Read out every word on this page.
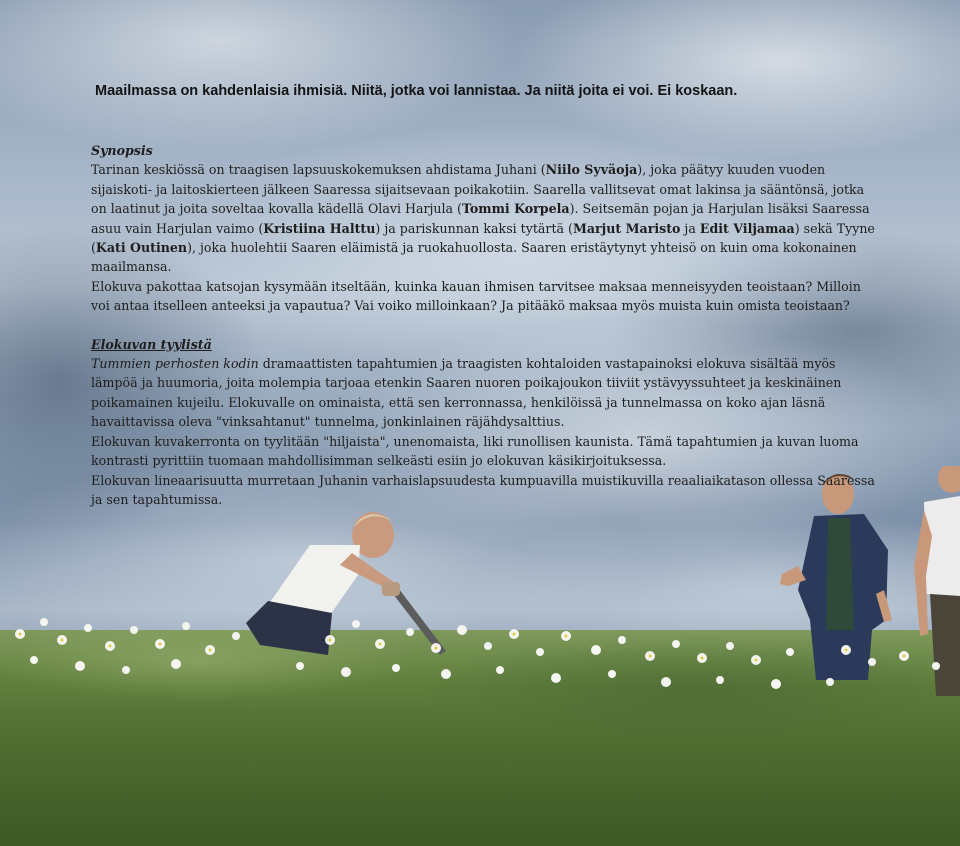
Maailmassa on kahdenlaisia ihmisiä. Niitä, jotka voi lannistaa. Ja niitä joita ei voi. Ei koskaan.

Synopsis

Tarinan keskiössä on traagisen lapsuuskokemuksen ahdistama Juhani (Niilo Syväoja), joka päätyy kuuden vuoden sijaiskoti- ja laitoskierteen jälkeen Saaressa sijaitsevaan poikakotiin. Saarella vallitsevat omat lakinsa ja sääntönsä, jotka on laatinut ja joita soveltaa kovalla kädellä Olavi Harjula (Tommi Korpela). Seitsemän pojan ja Harjulan lisäksi Saaressa asuu vain Harjulan vaimo (Kristiina Halttu) ja pariskunnan kaksi tytärtä (Marjut Maristo ja Edit Viljamaa) sekä Tyyne (Kati Outinen), joka huolehtii Saaren eläimistä ja ruokahuollosta. Saaren eristäytynyt yhteisö on kuin oma kokonainen maailmansa.

Elokuva pakottaa katsojan kysymään itseltään, kuinka kauan ihmisen tarvitsee maksaa menneisyyden teoistaan? Milloin voi antaa itselleen anteeksi ja vapautua? Vai voiko milloinkaan? Ja pitääkö maksaa myös muista kuin omista teoistaan?

Elokuvan tyylistä

Tummien perhosten kodin dramaattisten tapahtumien ja traagisten kohtaloiden vastapainoksi elokuva sisältää myös lämpöä ja huumoria, joita molempia tarjoaa etenkin Saaren nuoren poikajoukon tiiviit ystävyyssuhteet ja keskinäinen poikamainen kujeilu. Elokuvalle on ominaista, että sen kerronnassa, henkilöissä ja tunnelmassa on koko ajan läsnä havaittavissa oleva "vinksahtanut" tunnelma, jonkinlainen räjähdysalttius.

Elokuvan kuvakerronta on tyylitään "hiljaista", unenomaista, liki runollisen kaunista. Tämä tapahtumien ja kuvan luoma kontrasti pyrittiin tuomaan mahdollisimman selkeästi esiin jo elokuvan käsikirjoituksessa.

Elokuvan lineaarisuutta murretaan Juhanin varhaislapsuudesta kumpuavilla muistikuvilla reaaliaikatason ollessa Saaressa ja sen tapahtumissa.
